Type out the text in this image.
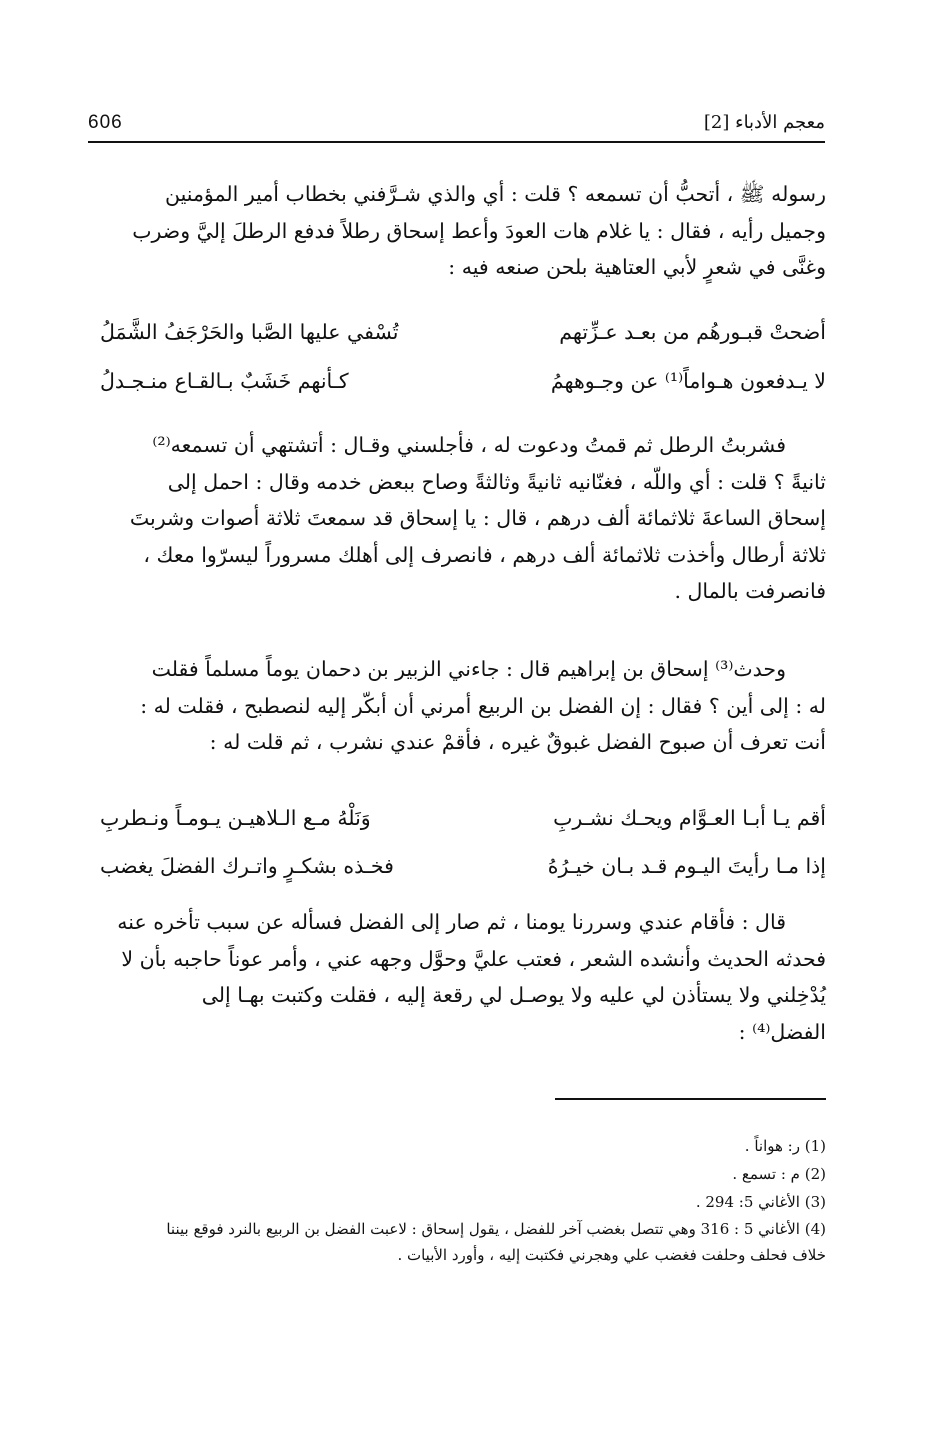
606	معجم الأدباء [2]

رسوله ﷺ ، أتحبُّ أن تسمعه ؟ قلت : أي والذي شـرَّفني بخطاب أمير المؤمنين

وجميل رأيه ، فقال : يا غلام هات العودَ وأعط إسحاق رطلاً فدفع الرطلَ إليَّ وضرب

وغنَّى في شعرٍ لأبي العتاهية بلحن صنعه فيه :

أضحتْ قبـورهُم من بعـد عـزِّتهم
تُسْفي عليها الصَّبا والحَرْجَفُ الشَّمَلُ
لا يـدفعون هـواماً⁽¹⁾ عن وجـوههمُ
كـأنهم خَشَبٌ بـالقـاع منـجـدلُ

فشربتُ الرطل ثم قمتُ ودعوت له ، فأجلسني وقـال : أتشتهي أن تسمعه⁽²⁾

ثانيةً ؟ قلت : أي واللّه ، فغنّانيه ثانيةً وثالثةً وصاح ببعض خدمه وقال : احمل إلى

إسحاق الساعةَ ثلاثمائة ألف درهم ، قال : يا إسحاق قد سمعتَ ثلاثة أصوات وشربتَ

ثلاثة أرطال وأخذت ثلاثمائة ألف درهم ، فانصرف إلى أهلك مسروراً ليسرّوا معك ،

فانصرفت بالمال .

وحدث⁽³⁾ إسحاق بن إبراهيم قال : جاءني الزبير بن دحمان يوماً مسلماً فقلت

له : إلى أين ؟ فقال : إن الفضل بن الربيع أمرني أن أبكّر إليه لنصطبح ، فقلت له :

أنت تعرف أن صبوح الفضل غبوقٌ غيره ، فأقمْ عندي نشرب ، ثم قلت له :

أقم يـا أبـا العـوَّام ويحـك نشـربِ
وَنَلْهُ مـع الـلاهيـن يـومـاً ونـطربِ
إذا مـا رأيتَ اليـوم قـد بـان خيـرُهُ
فخـذه بشكـرٍ واتـرك الفضلَ يغضب

قال : فأقام عندي وسررنا يومنا ، ثم صار إلى الفضل فسأله عن سبب تأخره عنه

فحدثه الحديث وأنشده الشعر ، فعتب عليَّ وحوَّل وجهه عني ، وأمر عوناً حاجبه بأن لا

يُدْخِلني ولا يستأذن لي عليه ولا يوصـل لي رقعة إليه ، فقلت وكتبت بهـا إلى

الفضل⁽⁴⁾ :

(1) ر: هواناً .
(2) م : تسمع .
(3) الأغاني 5: 294 .
(4) الأغاني 5 : 316 وهي تتصل بغضب آخر للفضل ، يقول إسحاق : لاعبت الفضل بن الربيع بالنرد فوقع بيننا خلاف فحلف وحلفت فغضب علي وهجرني فكتبت إليه ، وأورد الأبيات .
